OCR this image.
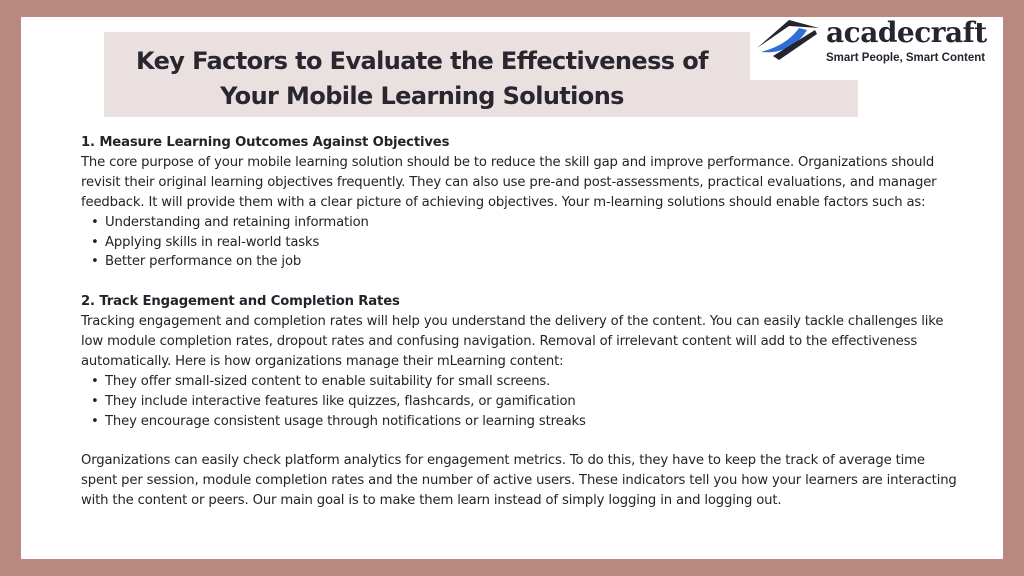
Key Factors to Evaluate the Effectiveness of Your Mobile Learning Solutions
acadecraft
Smart People, Smart Content
1. Measure Learning Outcomes Against Objectives

The core purpose of your mobile learning solution should be to reduce the skill gap and improve performance. Organizations should revisit their original learning objectives frequently. They can also use pre-and post-assessments, practical evaluations, and manager feedback. It will provide them with a clear picture of achieving objectives. Your m-learning solutions should enable factors such as:

• Understanding and retaining information
• Applying skills in real-world tasks
• Better performance on the job
2. Track Engagement and Completion Rates

Tracking engagement and completion rates will help you understand the delivery of the content. You can easily tackle challenges like low module completion rates, dropout rates and confusing navigation. Removal of irrelevant content will add to the effectiveness automatically. Here is how organizations manage their mLearning content:

• They offer small-sized content to enable suitability for small screens.
• They include interactive features like quizzes, flashcards, or gamification
• They encourage consistent usage through notifications or learning streaks

Organizations can easily check platform analytics for engagement metrics. To do this, they have to keep the track of average time spent per session, module completion rates and the number of active users. These indicators tell you how your learners are interacting with the content or peers. Our main goal is to make them learn instead of simply logging in and logging out.
